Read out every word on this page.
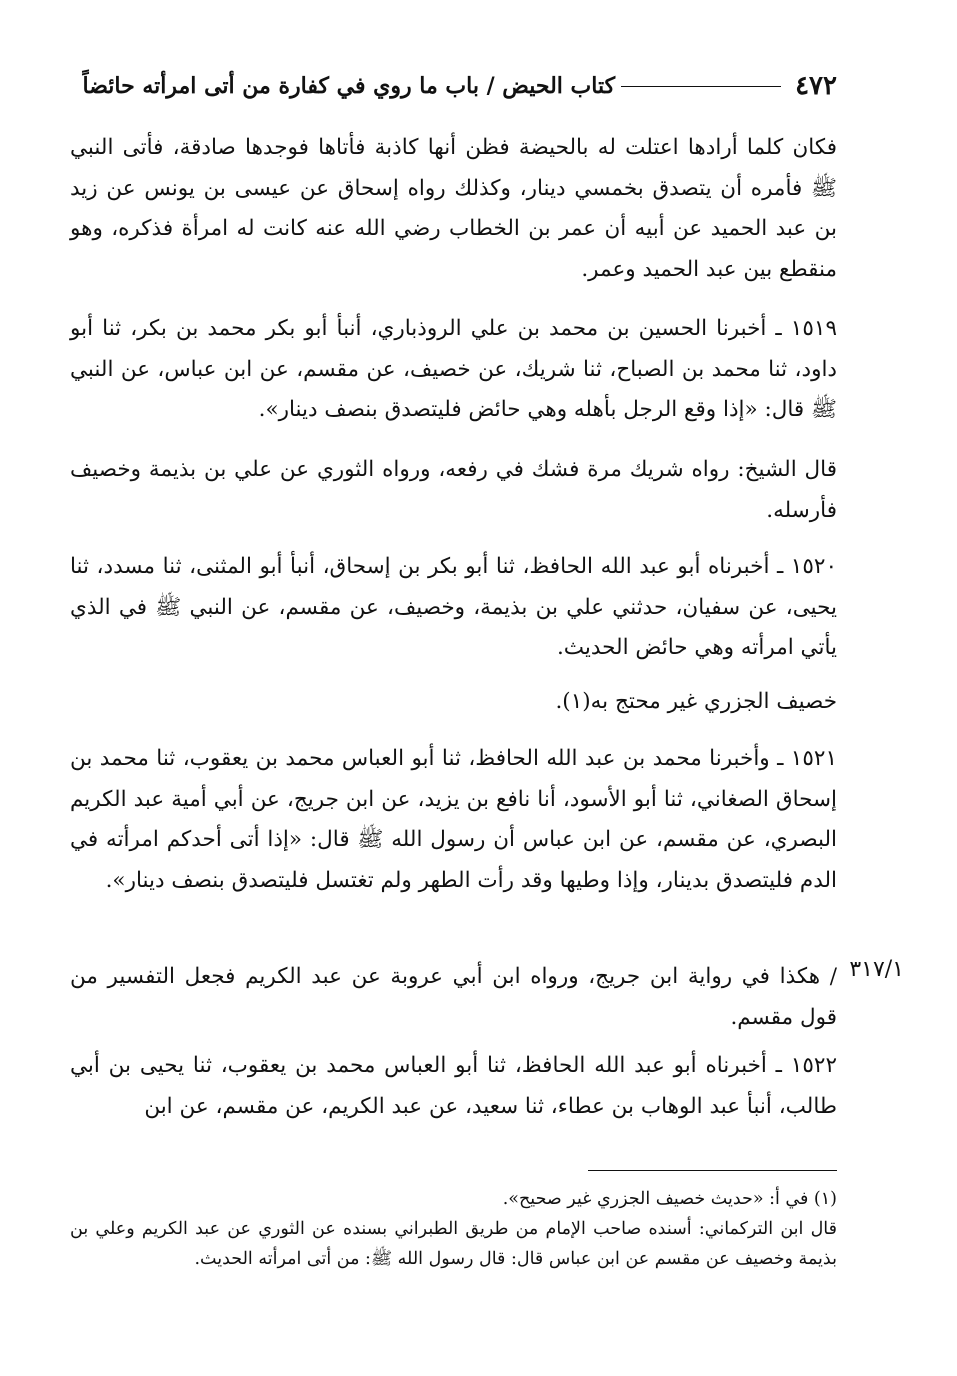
٤٧٢
كتاب الحيض / باب ما روي في كفارة من أتى امرأته حائضاً

فكان كلما أرادها اعتلت له بالحيضة فظن أنها كاذبة فأتاها فوجدها صادقة، فأتى النبي ﷺ فأمره أن يتصدق بخمسي دينار، وكذلك رواه إسحاق عن عيسى بن يونس عن زيد بن عبد الحميد عن أبيه أن عمر بن الخطاب رضي الله عنه كانت له امرأة فذكره، وهو منقطع بين عبد الحميد وعمر.

١٥١٩ ـ أخبرنا الحسين بن محمد بن علي الروذباري، أنبأ أبو بكر محمد بن بكر، ثنا أبو داود، ثنا محمد بن الصباح، ثنا شريك، عن خصيف، عن مقسم، عن ابن عباس، عن النبي ﷺ قال: «إذا وقع الرجل بأهله وهي حائض فليتصدق بنصف دينار».

قال الشيخ: رواه شريك مرة فشك في رفعه، ورواه الثوري عن علي بن بذيمة وخصيف فأرسله.

١٥٢٠ ـ أخبرناه أبو عبد الله الحافظ، ثنا أبو بكر بن إسحاق، أنبأ أبو المثنى، ثنا مسدد، ثنا يحيى، عن سفيان، حدثني علي بن بذيمة، وخصيف، عن مقسم، عن النبي ﷺ في الذي يأتي امرأته وهي حائض الحديث.

خصيف الجزري غير محتج به(١).

١٥٢١ ـ وأخبرنا محمد بن عبد الله الحافظ، ثنا أبو العباس محمد بن يعقوب، ثنا محمد بن إسحاق الصغاني، ثنا أبو الأسود، أنا نافع بن يزيد، عن ابن جريج، عن أبي أمية عبد الكريم البصري، عن مقسم، عن ابن عباس أن رسول الله ﷺ قال: «إذا أتى أحدكم امرأته في الدم فليتصدق بدينار، وإذا وطيها وقد رأت الطهر ولم تغتسل فليتصدق بنصف دينار».

٣١٧/١

/ هكذا في رواية ابن جريج، ورواه ابن أبي عروبة عن عبد الكريم فجعل التفسير من قول مقسم.

١٥٢٢ ـ أخبرناه أبو عبد الله الحافظ، ثنا أبو العباس محمد بن يعقوب، ثنا يحيى بن أبي طالب، أنبأ عبد الوهاب بن عطاء، ثنا سعيد، عن عبد الكريم، عن مقسم، عن ابن

(١) في أ: «حديث خصيف الجزري غير صحيح».

قال ابن التركماني: أسنده صاحب الإمام من طريق الطبراني بسنده عن الثوري عن عبد الكريم وعلي بن بذيمة وخصيف عن مقسم عن ابن عباس قال: قال رسول الله ﷺ: من أتى امرأته الحديث.
